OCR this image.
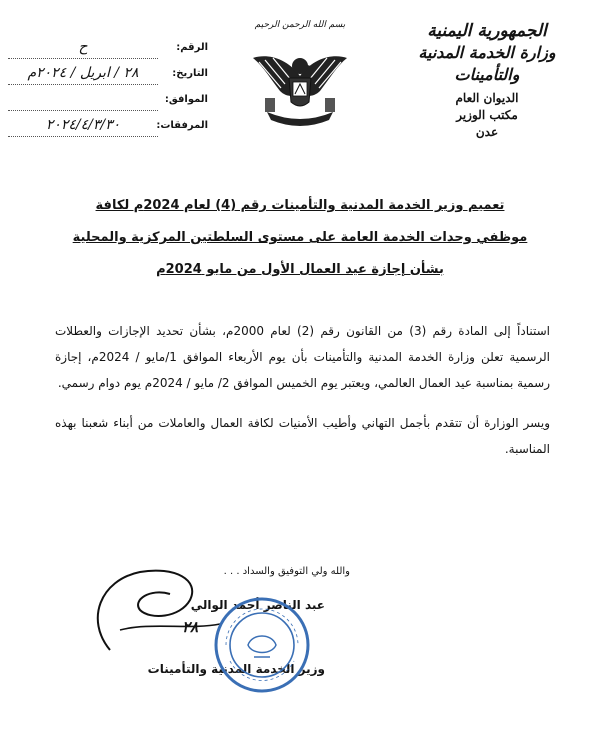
الجمهورية اليمنية
وزارة الخدمة المدنية والتأمينات
الديوان العام
مكتب الوزير
عدن
بسم الله الرحمن الرحيم
الرقم:
ح
التاريخ:
٢٨ / ابريل / ٢٠٢٤م
الموافق:
المرفقات:
٢٠٢٤/٤/٣/٣٠
تعميم وزير الخدمة المدنية والتأمينات رقم (4) لعام 2024م لكافة
موظفي وحدات الخدمة العامة على مستوى السلطتين المركزية والمحلية
بشأن إجازة عيد العمال الأول من مايو 2024م

استناداً إلى المادة رقم (3) من القانون رقم (2) لعام 2000م، بشأن تحديد الإجازات والعطلات الرسمية تعلن وزارة الخدمة المدنية والتأمينات بأن يوم الأربعاء الموافق 1/مايو / 2024م، إجازة رسمية بمناسبة عيد العمال العالمي، ويعتبر يوم الخميس الموافق 2/ مايو / 2024م يوم دوام رسمي.

ويسر الوزارة أن تتقدم بأجمل التهاني وأطيب الأمنيات لكافة العمال والعاملات من أبناء شعبنا بهذه المناسبة.

والله ولي التوفيق والسداد . . .
عبد الناصر أحمد الوالي
٢٨
وزير الخدمة المدنية والتأمينات
